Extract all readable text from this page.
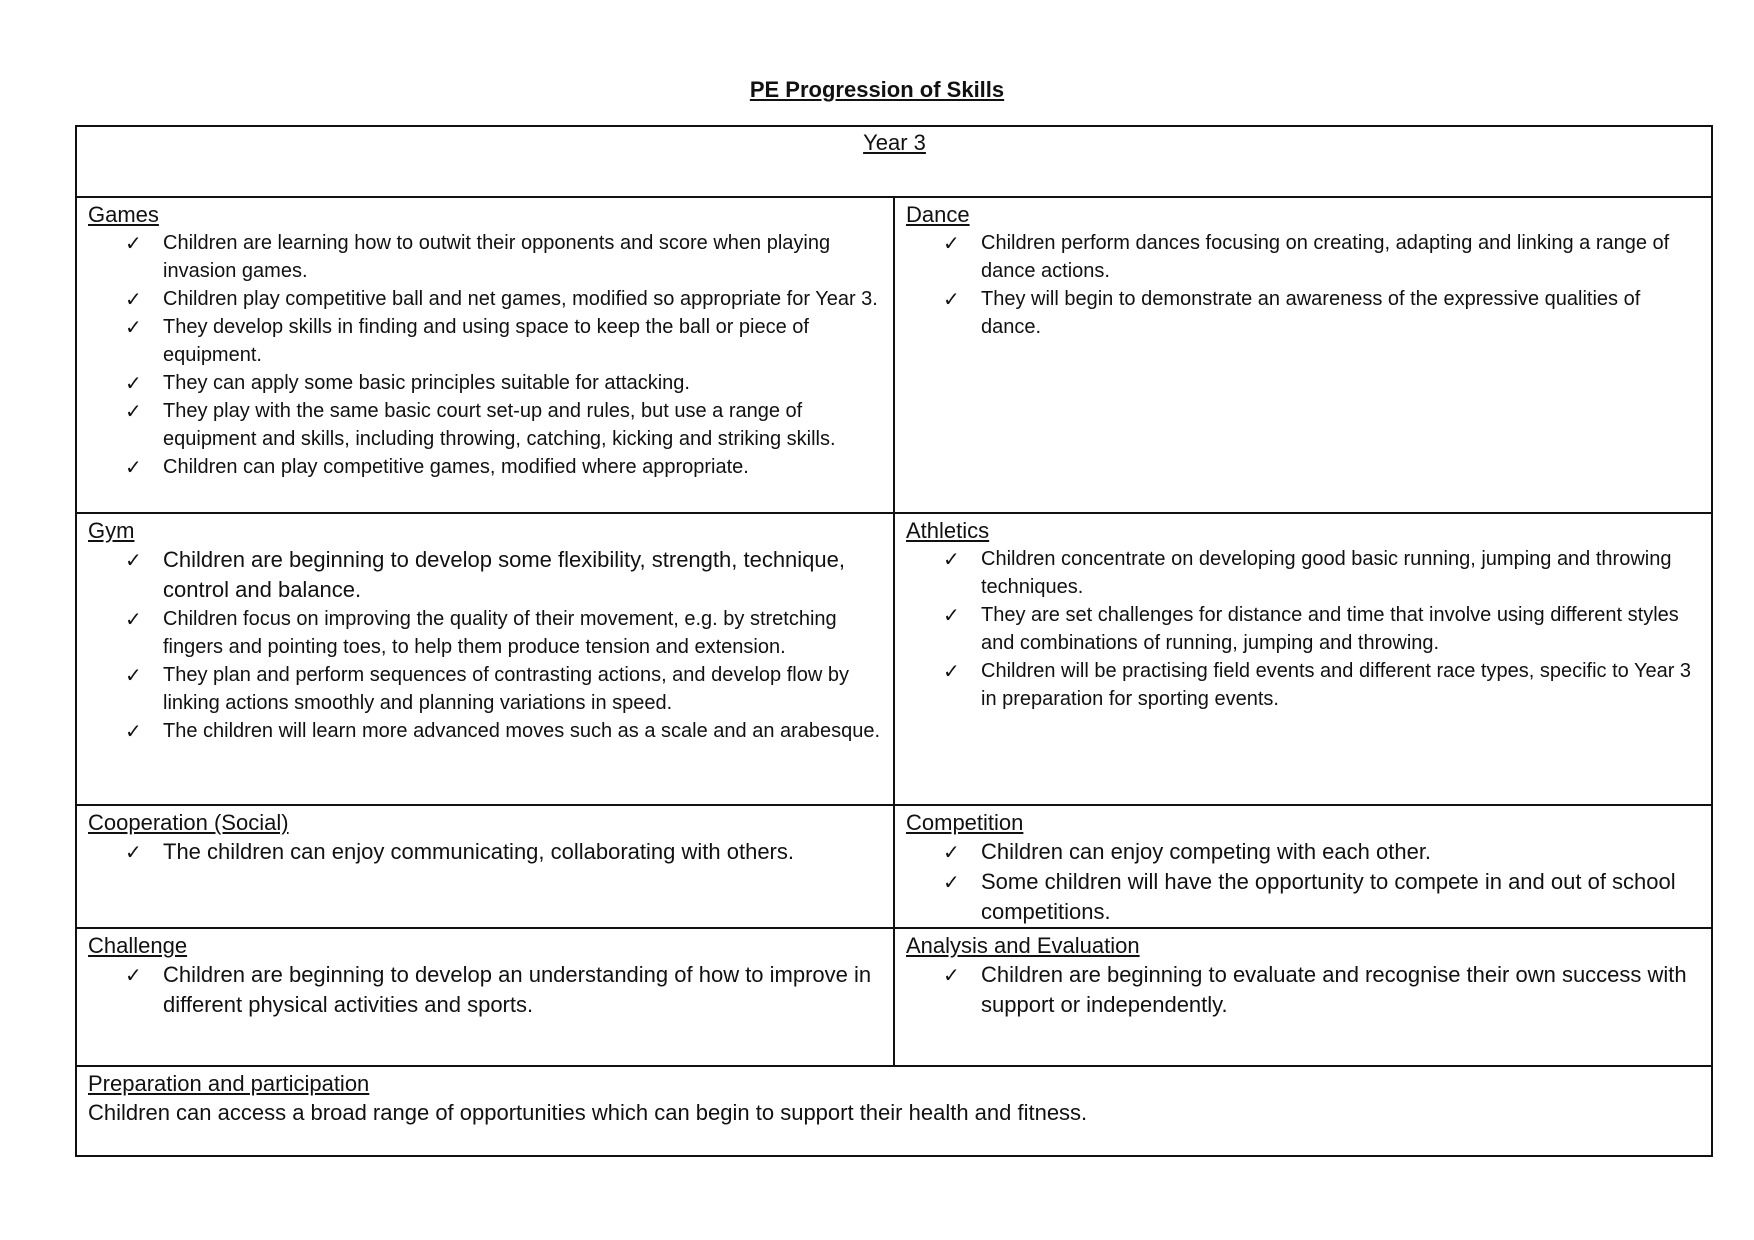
PE Progression of Skills
Year 3
Games
✓ Children are learning how to outwit their opponents and score when playing invasion games.
✓ Children play competitive ball and net games, modified so appropriate for Year 3.
✓ They develop skills in finding and using space to keep the ball or piece of equipment.
✓ They can apply some basic principles suitable for attacking.
✓ They play with the same basic court set-up and rules, but use a range of equipment and skills, including throwing, catching, kicking and striking skills.
✓ Children can play competitive games, modified where appropriate.
Dance
✓ Children perform dances focusing on creating, adapting and linking a range of dance actions.
✓ They will begin to demonstrate an awareness of the expressive qualities of dance.
Gym
✓ Children are beginning to develop some flexibility, strength, technique, control and balance.
✓ Children focus on improving the quality of their movement, e.g. by stretching fingers and pointing toes, to help them produce tension and extension.
✓ They plan and perform sequences of contrasting actions, and develop flow by linking actions smoothly and planning variations in speed.
✓ The children will learn more advanced moves such as a scale and an arabesque.
Athletics
✓ Children concentrate on developing good basic running, jumping and throwing techniques.
✓ They are set challenges for distance and time that involve using different styles and combinations of running, jumping and throwing.
✓ Children will be practising field events and different race types, specific to Year 3 in preparation for sporting events.
Cooperation (Social)
✓ The children can enjoy communicating, collaborating with others.
Competition
✓ Children can enjoy competing with each other.
✓ Some children will have the opportunity to compete in and out of school competitions.
Challenge
✓ Children are beginning to develop an understanding of how to improve in different physical activities and sports.
Analysis and Evaluation
✓ Children are beginning to evaluate and recognise their own success with support or independently.
Preparation and participation
Children can access a broad range of opportunities which can begin to support their health and fitness.
